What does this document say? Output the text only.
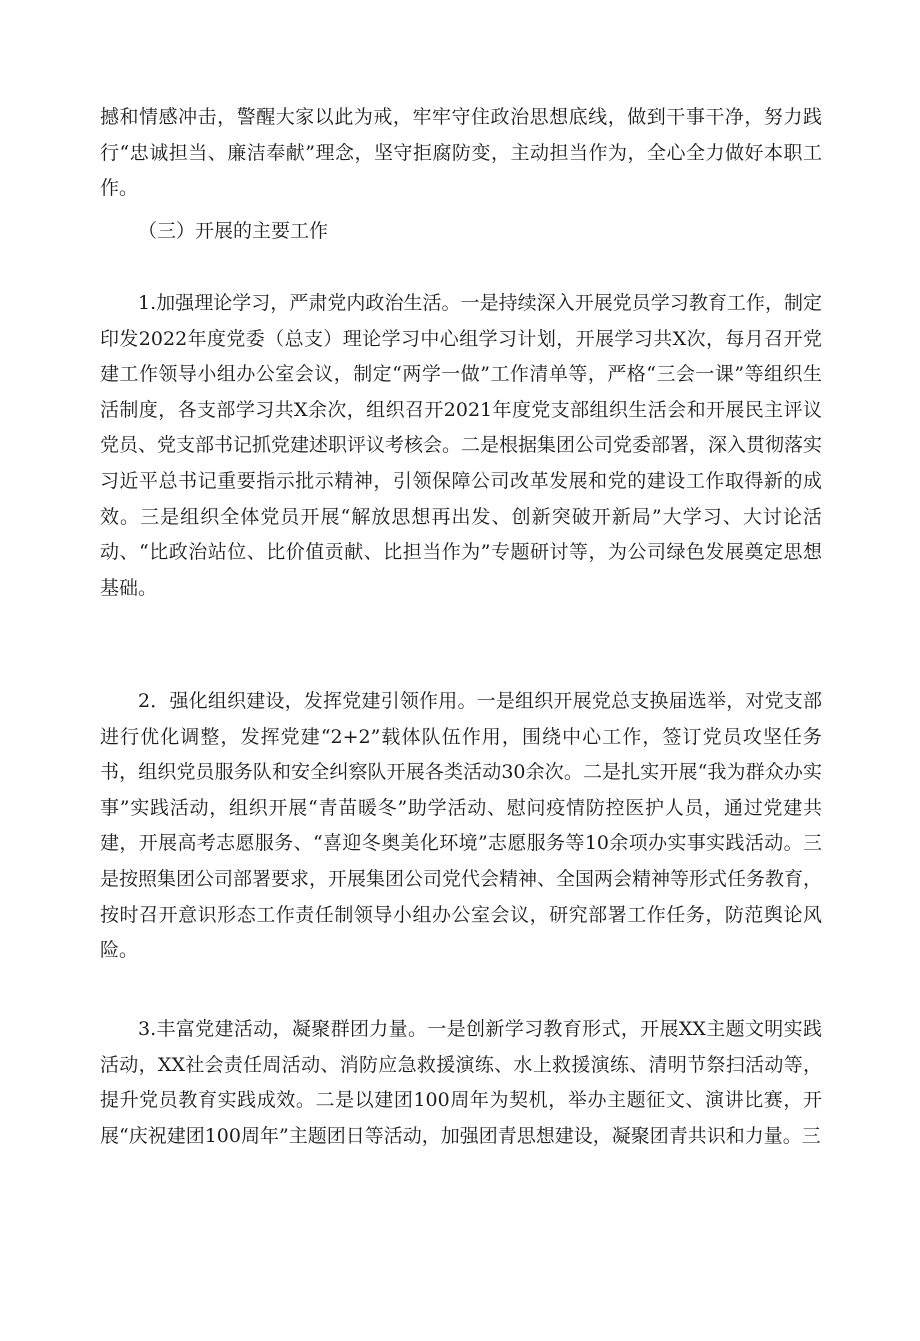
撼和情感冲击，警醒大家以此为戒，牢牢守住政治思想底线，做到干事干净，努力践行“忠诚担当、廉洁奉献”理念，坚守拒腐防变，主动担当作为，全心全力做好本职工作。

（三）开展的主要工作

1.加强理论学习，严肃党内政治生活。一是持续深入开展党员学习教育工作，制定印发2022年度党委（总支）理论学习中心组学习计划，开展学习共X次，每月召开党建工作领导小组办公室会议，制定“两学一做”工作清单等，严格“三会一课”等组织生活制度，各支部学习共X余次，组织召开2021年度党支部组织生活会和开展民主评议党员、党支部书记抓党建述职评议考核会。二是根据集团公司党委部署，深入贯彻落实习近平总书记重要指示批示精神，引领保障公司改革发展和党的建设工作取得新的成效。三是组织全体党员开展“解放思想再出发、创新突破开新局”大学习、大讨论活动、“比政治站位、比价值贡献、比担当作为”专题研讨等，为公司绿色发展奠定思想基础。

2．强化组织建设，发挥党建引领作用。一是组织开展党总支换届选举，对党支部进行优化调整，发挥党建“2+2”载体队伍作用，围绕中心工作，签订党员攻坚任务书，组织党员服务队和安全纠察队开展各类活动30余次。二是扎实开展“我为群众办实事”实践活动，组织开展“青苗暖冬”助学活动、慰问疫情防控医护人员，通过党建共建，开展高考志愿服务、“喜迎冬奥美化环境”志愿服务等10余项办实事实践活动。三是按照集团公司部署要求，开展集团公司党代会精神、全国两会精神等形式任务教育，按时召开意识形态工作责任制领导小组办公室会议，研究部署工作任务，防范舆论风险。

3.丰富党建活动，凝聚群团力量。一是创新学习教育形式，开展XX主题文明实践活动，XX社会责任周活动、消防应急救援演练、水上救援演练、清明节祭扫活动等，提升党员教育实践成效。二是以建团100周年为契机，举办主题征文、演讲比赛，开展“庆祝建团100周年”主题团日等活动，加强团青思想建设，凝聚团青共识和力量。三
